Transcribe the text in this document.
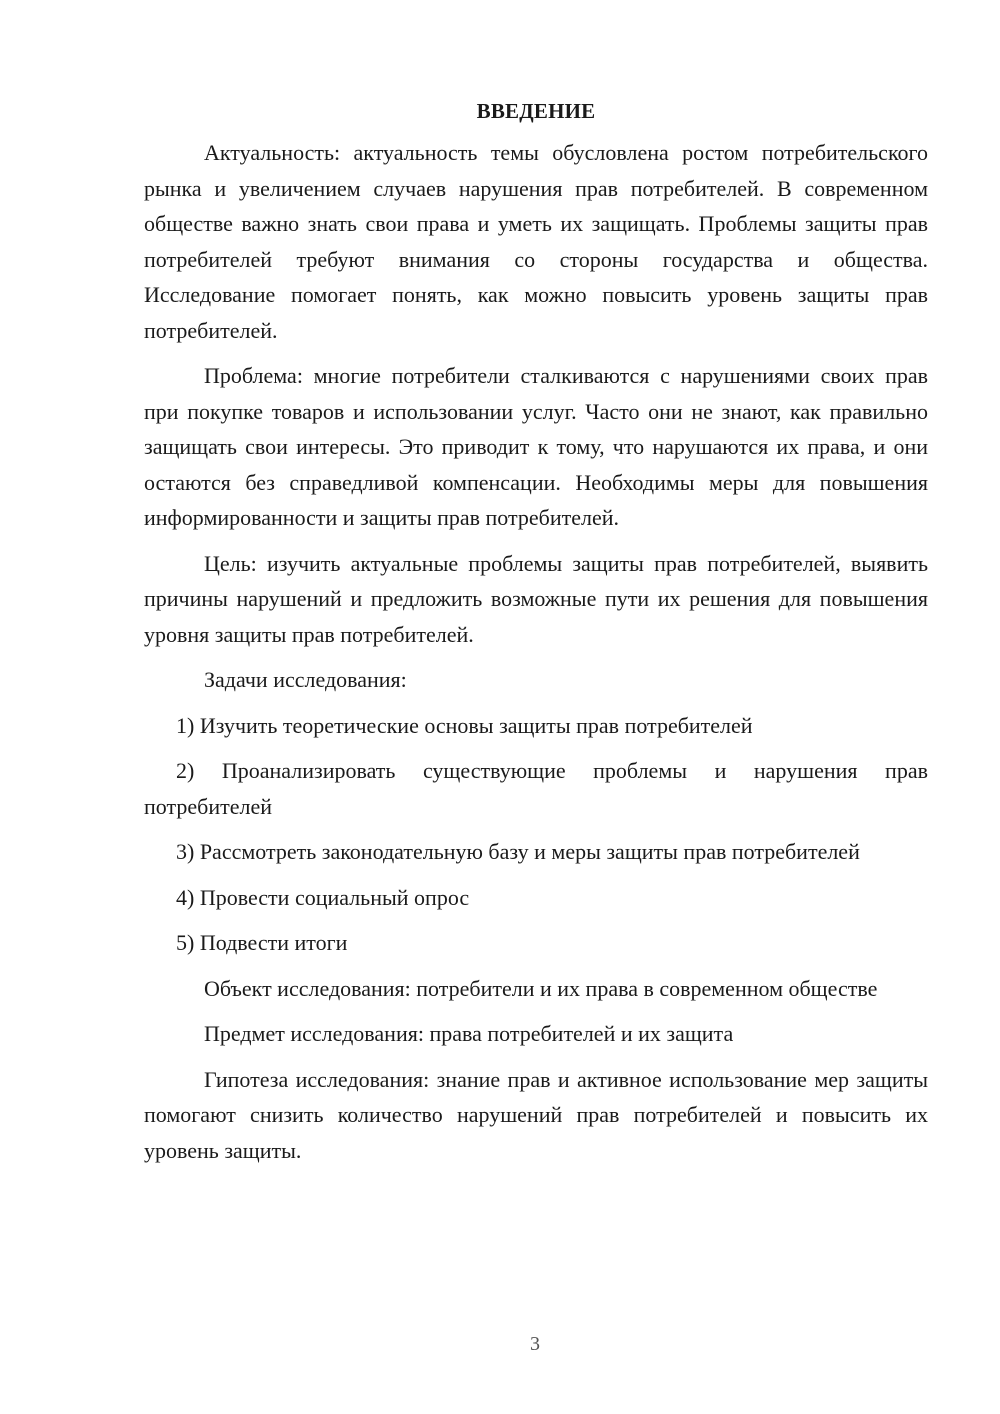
ВВЕДЕНИЕ

Актуальность: актуальность темы обусловлена ростом потребительского рынка и увеличением случаев нарушения прав потребителей. В современном обществе важно знать свои права и уметь их защищать. Проблемы защиты прав потребителей требуют внимания со стороны государства и общества. Исследование помогает понять, как можно повысить уровень защиты прав потребителей.

Проблема: многие потребители сталкиваются с нарушениями своих прав при покупке товаров и использовании услуг. Часто они не знают, как правильно защищать свои интересы. Это приводит к тому, что нарушаются их права, и они остаются без справедливой компенсации. Необходимы меры для повышения информированности и защиты прав потребителей.

Цель: изучить актуальные проблемы защиты прав потребителей, выявить причины нарушений и предложить возможные пути их решения для повышения уровня защиты прав потребителей.

Задачи исследования:

1) Изучить теоретические основы защиты прав потребителей

2) Проанализировать существующие проблемы и нарушения прав потребителей

3) Рассмотреть законодательную базу и меры защиты прав потребителей

4) Провести социальный опрос

5) Подвести итоги

Объект исследования: потребители и их права в современном обществе

Предмет исследования: права потребителей и их защита

Гипотеза исследования: знание прав и активное использование мер защиты помогают снизить количество нарушений прав потребителей и повысить их уровень защиты.

3
